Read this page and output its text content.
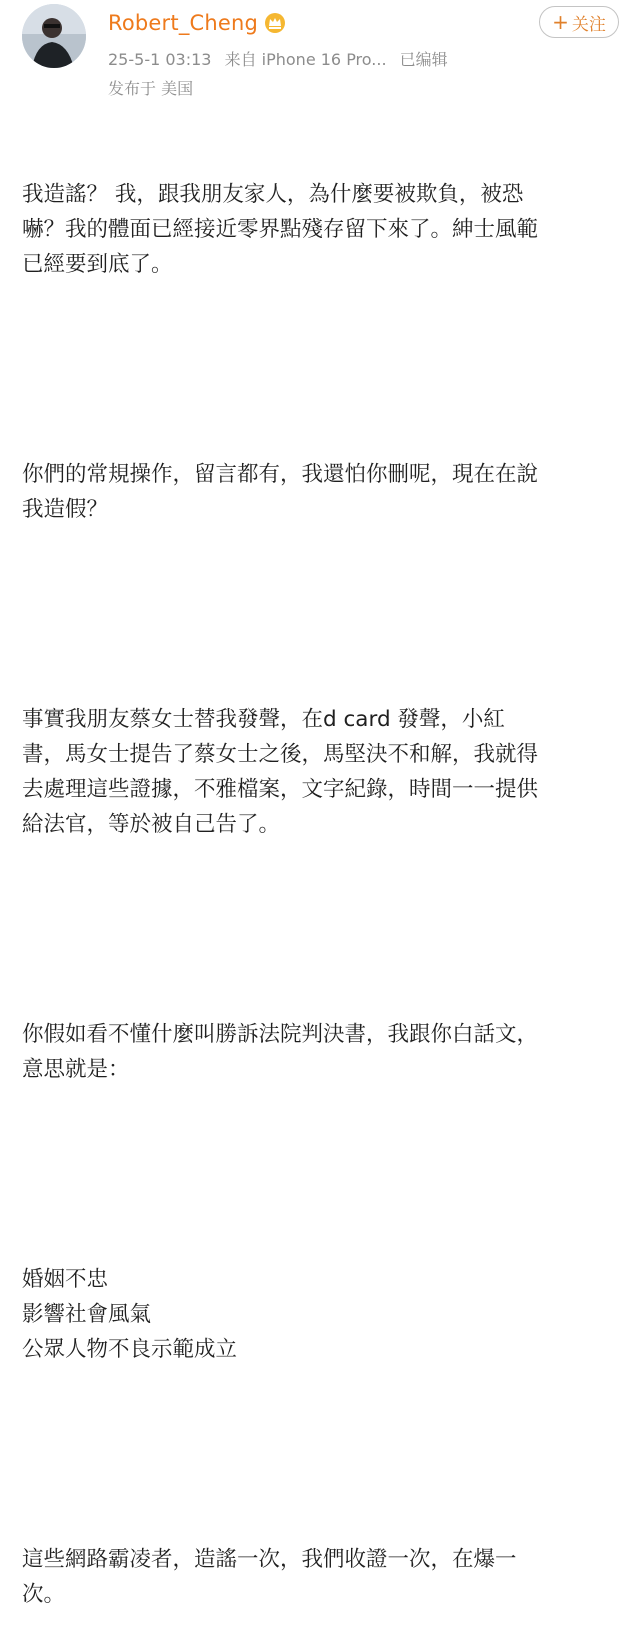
Robert_Cheng
25-5-1 03:13 来自 iPhone 16 Pro... 已编辑
发布于 美国
+ 关注

我造謠？ 我，跟我朋友家人，為什麼要被欺負，被恐
嚇？我的體面已經接近零界點殘存留下來了。紳士風範
已經要到底了。

你們的常規操作，留言都有，我還怕你刪呢，現在在說
我造假？

事實我朋友蔡女士替我發聲，在d card 發聲，小紅
書，馬女士提告了蔡女士之後，馬堅決不和解，我就得
去處理這些證據，不雅檔案，文字紀錄，時間一一提供
給法官，等於被自己告了。

你假如看不懂什麼叫勝訴法院判決書，我跟你白話文，
意思就是：

婚姻不忠
影響社會風氣
公眾人物不良示範成立

這些網路霸凌者，造謠一次，我們收證一次，在爆一
次。
